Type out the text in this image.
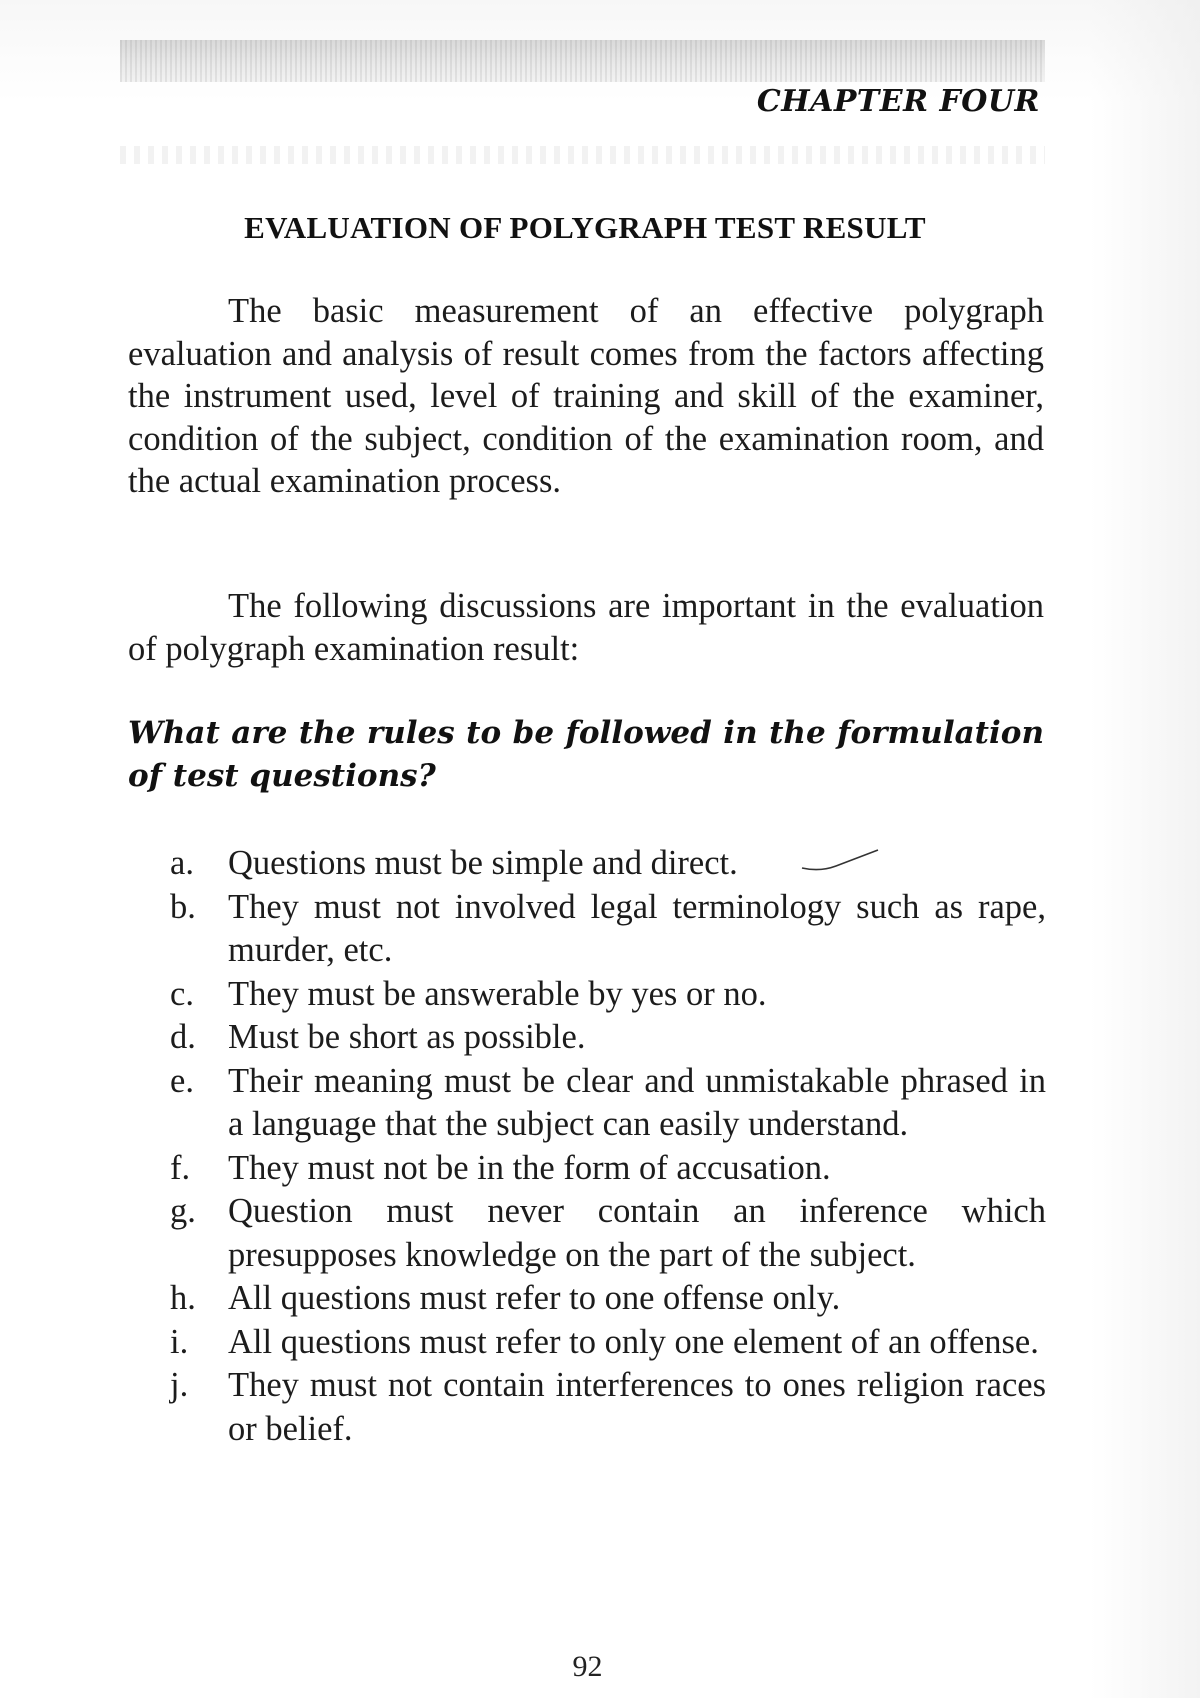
CHAPTER FOUR
EVALUATION OF POLYGRAPH TEST RESULT
The basic measurement of an effective polygraph evaluation and analysis of result comes from the factors affecting the instrument used, level of training and skill of the examiner, condition of the subject, condition of the examination room, and the actual examination process.
The following discussions are important in the evaluation of polygraph examination result:
What are the rules to be followed in the formulation of test questions?
a. Questions must be simple and direct.
b. They must not involved legal terminology such as rape, murder, etc.
c. They must be answerable by yes or no.
d. Must be short as possible.
e. Their meaning must be clear and unmistakable phrased in a language that the subject can easily understand.
f.	They must not be in the form of accusation.
g. Question must never contain an inference which presupposes knowledge on the part of the subject.
h. All questions must refer to one offense only.
i.	All questions must refer to only one element of an offense.
j.	They must not contain interferences to ones religion races or belief.
92
